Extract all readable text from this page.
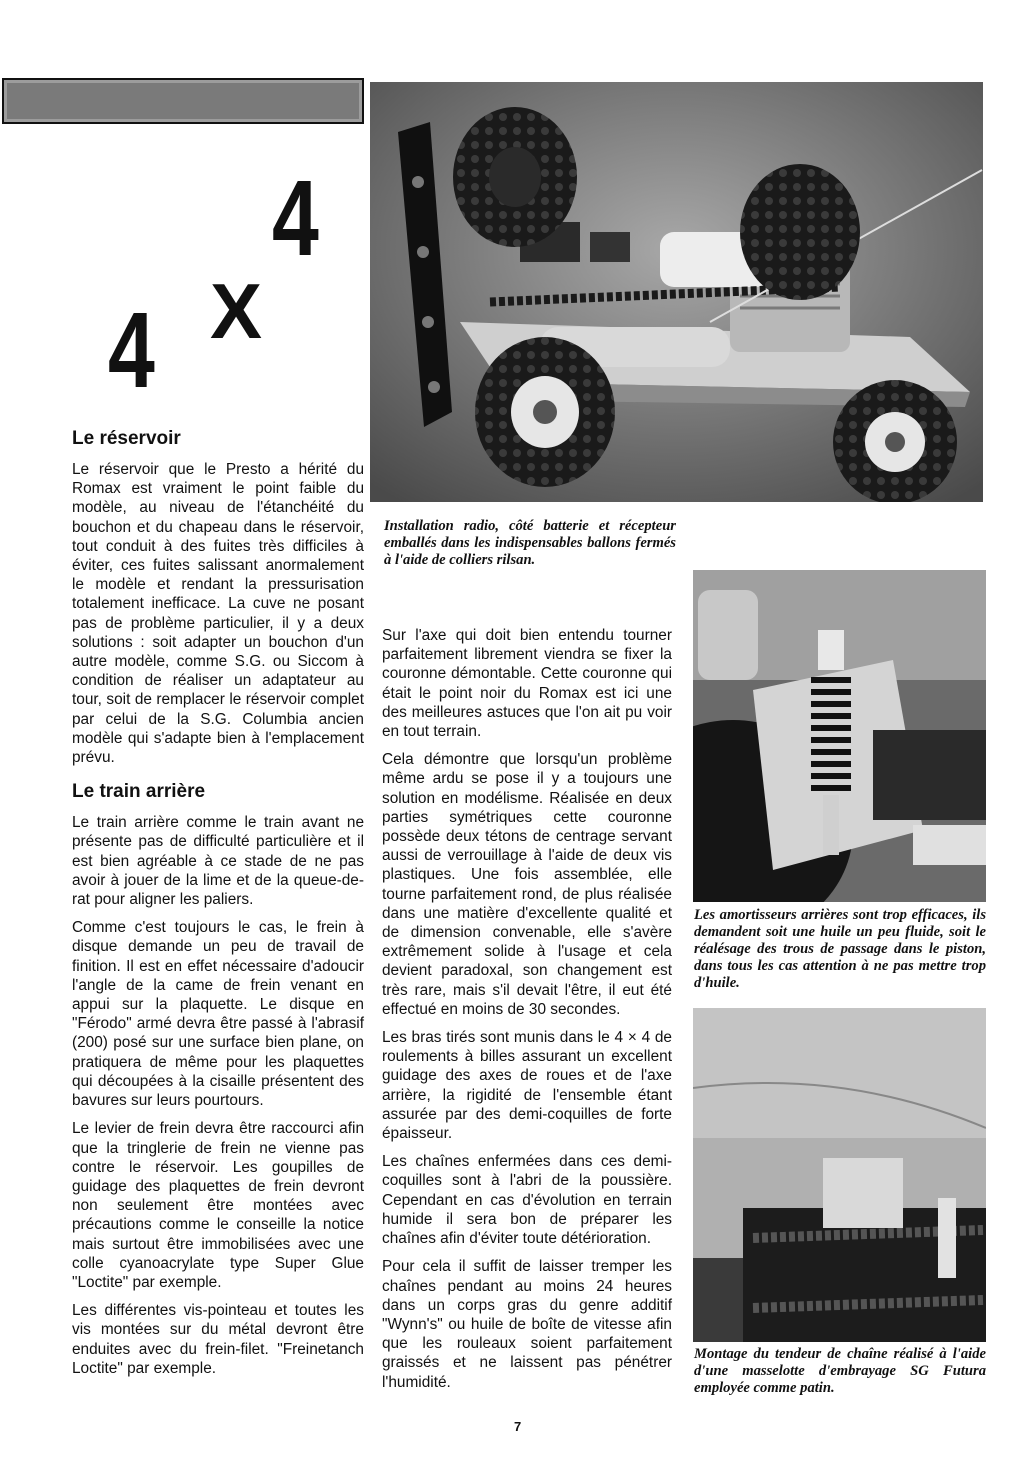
4
X
4
Le réservoir

Le réservoir que le Presto a hérité du Romax est vraiment le point faible du modèle, au niveau de l'étanchéité du bouchon et du chapeau dans le réservoir, tout conduit à des fuites très difficiles à éviter, ces fuites salissant anormalement le modèle et rendant la pressurisation totalement inefficace. La cuve ne posant pas de problème particulier, il y a deux solutions : soit adapter un bouchon d'un autre modèle, comme S.G. ou Siccom à condition de réaliser un adaptateur au tour, soit de remplacer le réservoir complet par celui de la S.G. Columbia ancien modèle qui s'adapte bien à l'emplacement prévu.

Le train arrière

Le train arrière comme le train avant ne présente pas de difficulté particulière et il est bien agréable à ce stade de ne pas avoir à jouer de la lime et de la queue-de-rat pour aligner les paliers.

Comme c'est toujours le cas, le frein à disque demande un peu de travail de finition. Il est en effet nécessaire d'adoucir l'angle de la came de frein venant en appui sur la plaquette. Le disque en "Férodo" armé devra être passé à l'abrasif (200) posé sur une surface bien plane, on pratiquera de même pour les plaquettes qui découpées à la cisaille présentent des bavures sur leurs pourtours.

Le levier de frein devra être raccourci afin que la tringlerie de frein ne vienne pas contre le réservoir. Les goupilles de guidage des plaquettes de frein devront non seulement être montées avec précautions comme le conseille la notice mais surtout être immobilisées avec une colle cyanoacrylate type Super Glue "Loctite" par exemple.

Les différentes vis-pointeau et toutes les vis montées sur du métal devront être enduites avec du frein-filet. "Freinetanch Loctite" par exemple.

Installation radio, côté batterie et récepteur emballés dans les indispensables ballons fermés à l'aide de colliers rilsan.

Sur l'axe qui doit bien entendu tourner parfaitement librement viendra se fixer la couronne démontable. Cette couronne qui était le point noir du Romax est ici une des meilleures astuces que l'on ait pu voir en tout terrain.

Cela démontre que lorsqu'un problème même ardu se pose il y a toujours une solution en modélisme. Réalisée en deux parties symétriques cette couronne possède deux tétons de centrage servant aussi de verrouillage à l'aide de deux vis plastiques. Une fois assemblée, elle tourne parfaitement rond, de plus réalisée dans une matière d'excellente qualité et de dimension convenable, elle s'avère extrêmement solide à l'usage et cela devient paradoxal, son changement est très rare, mais s'il devait l'être, il eut été effectué en moins de 30 secondes.

Les bras tirés sont munis dans le 4 × 4 de roulements à billes assurant un excellent guidage des axes de roues et de l'axe arrière, la rigidité de l'ensemble étant assurée par des demi-coquilles de forte épaisseur.

Les chaînes enfermées dans ces demi-coquilles sont à l'abri de la poussière. Cependant en cas d'évolution en terrain humide il sera bon de préparer les chaînes afin d'éviter toute détérioration.

Pour cela il suffit de laisser tremper les chaînes pendant au moins 24 heures dans un corps gras du genre additif "Wynn's" ou huile de boîte de vitesse afin que les rouleaux soient parfaitement graissés et ne laissent pas pénétrer l'humidité.

Les amortisseurs arrières sont trop efficaces, ils demandent soit une huile un peu fluide, soit le réalésage des trous de passage dans le piston, dans tous les cas attention à ne pas mettre trop d'huile.
Montage du tendeur de chaîne réalisé à l'aide d'une masselotte d'embrayage SG Futura employée comme patin.
7
